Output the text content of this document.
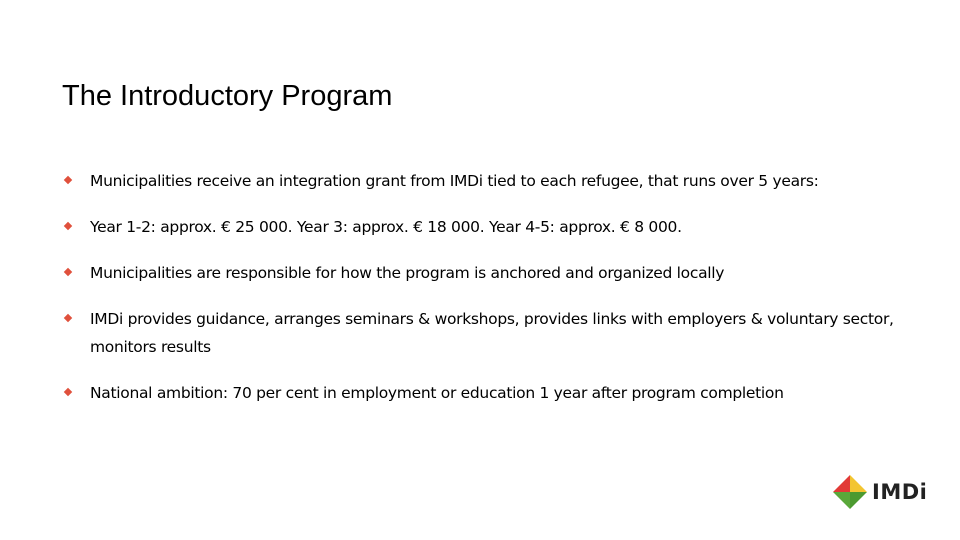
The Introductory Program
Municipalities receive an integration grant from IMDi tied to each refugee, that runs over 5 years:
Year 1-2: approx. € 25 000. Year 3: approx. € 18 000. Year 4-5: approx. € 8 000.
Municipalities are responsible for how the program is anchored and organized locally
IMDi provides guidance, arranges seminars & workshops, provides links with employers & voluntary sector, monitors results
National ambition: 70 per cent in employment or education 1 year after program completion
IMDi
